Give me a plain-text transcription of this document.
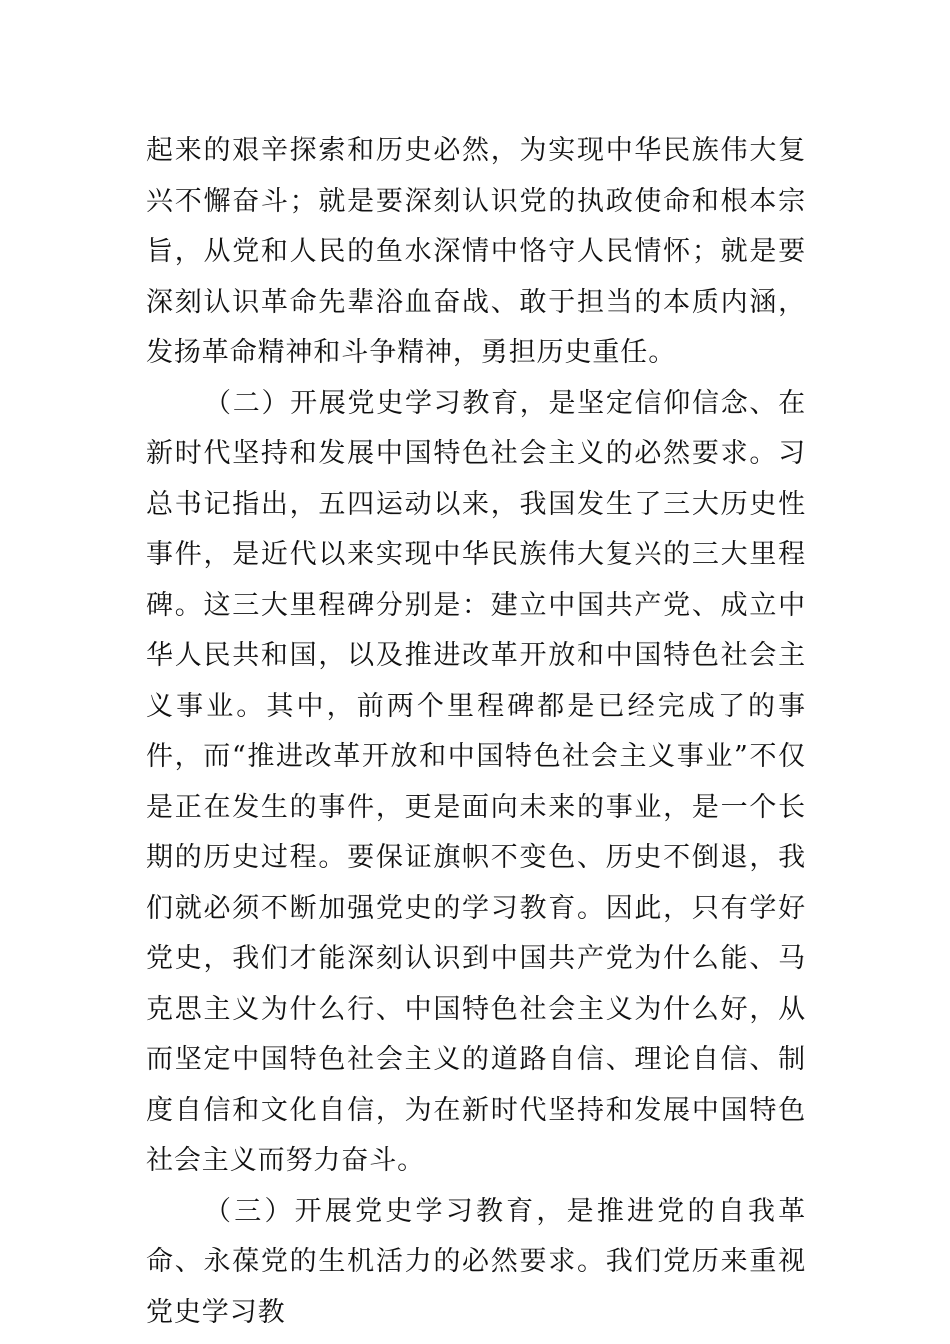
起来的艰辛探索和历史必然，为实现中华民族伟大复兴不懈奋斗；就是要深刻认识党的执政使命和根本宗旨，从党和人民的鱼水深情中恪守人民情怀；就是要深刻认识革命先辈浴血奋战、敢于担当的本质内涵，发扬革命精神和斗争精神，勇担历史重任。

（二）开展党史学习教育，是坚定信仰信念、在新时代坚持和发展中国特色社会主义的必然要求。习总书记指出，五四运动以来，我国发生了三大历史性事件，是近代以来实现中华民族伟大复兴的三大里程碑。这三大里程碑分别是：建立中国共产党、成立中华人民共和国，以及推进改革开放和中国特色社会主义事业。其中，前两个里程碑都是已经完成了的事件，而“推进改革开放和中国特色社会主义事业”不仅是正在发生的事件，更是面向未来的事业，是一个长期的历史过程。要保证旗帜不变色、历史不倒退，我们就必须不断加强党史的学习教育。因此，只有学好党史，我们才能深刻认识到中国共产党为什么能、马克思主义为什么行、中国特色社会主义为什么好，从而坚定中国特色社会主义的道路自信、理论自信、制度自信和文化自信，为在新时代坚持和发展中国特色社会主义而努力奋斗。

（三）开展党史学习教育，是推进党的自我革命、永葆党的生机活力的必然要求。我们党历来重视党史学习教
